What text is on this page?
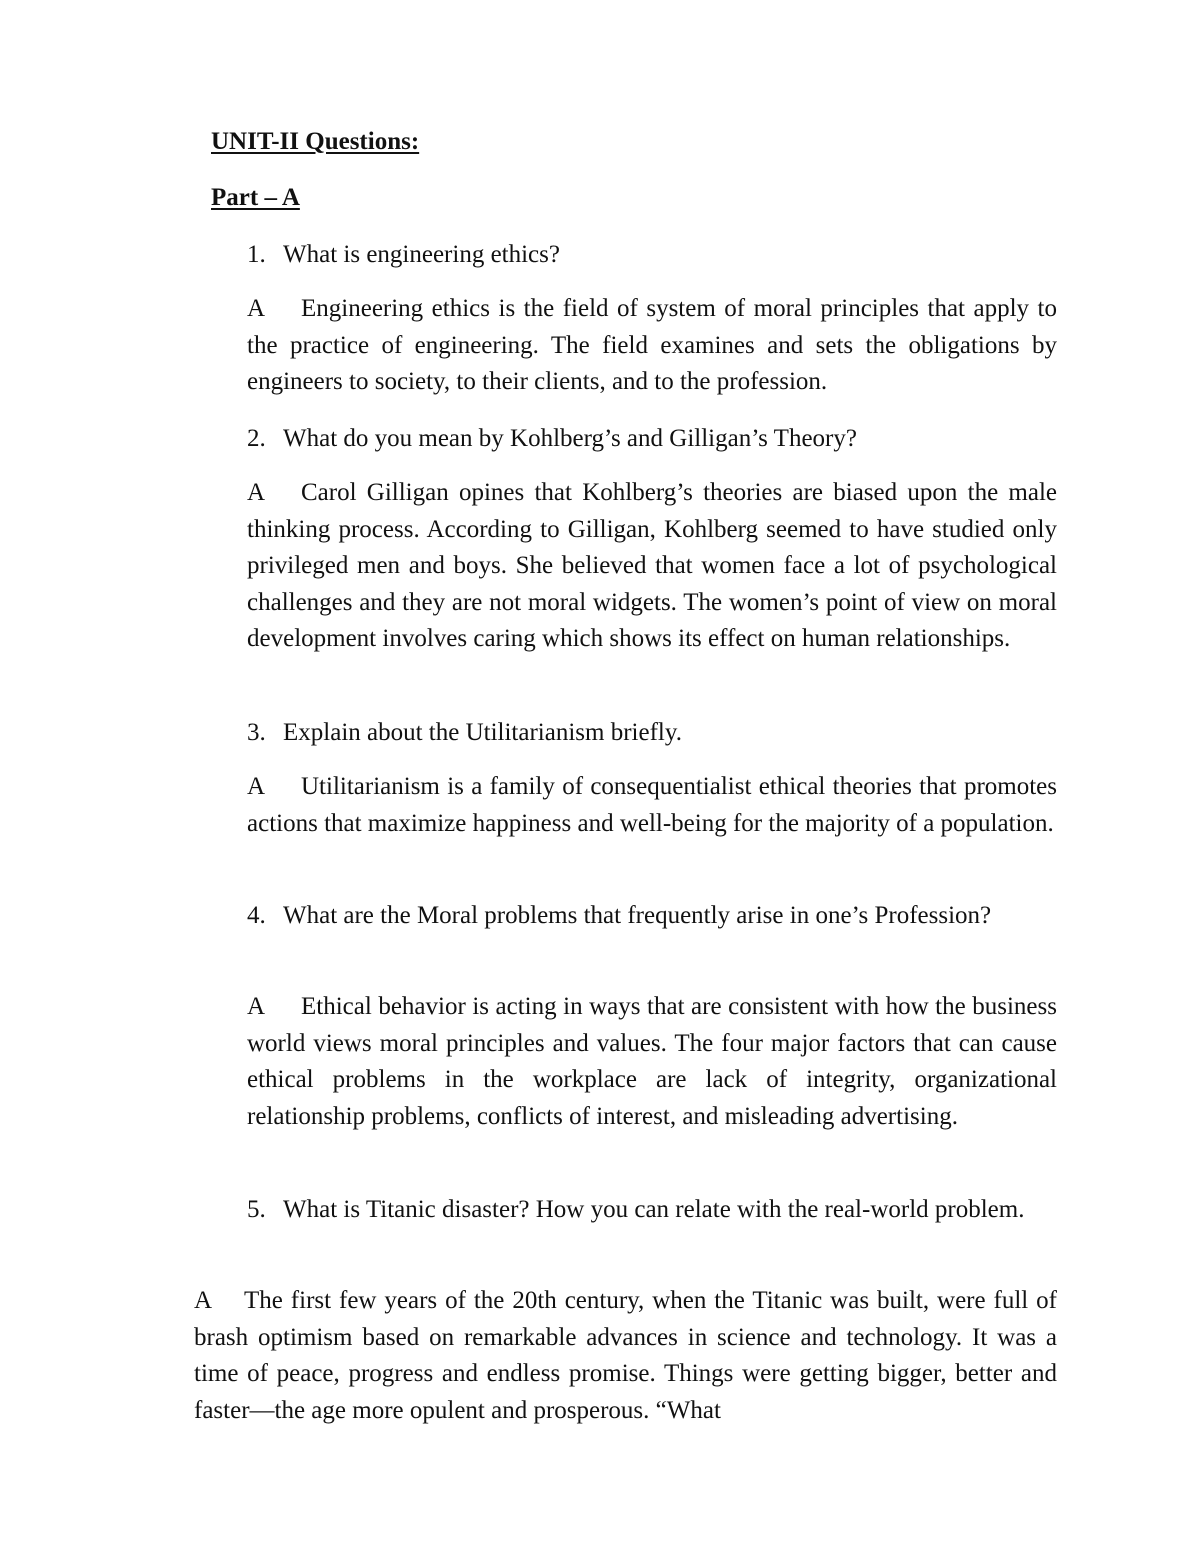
UNIT-II Questions:
Part – A
1. What is engineering ethics?
A Engineering ethics is the field of system of moral principles that apply to the practice of engineering. The field examines and sets the obligations by engineers to society, to their clients, and to the profession.
2. What do you mean by Kohlberg’s and Gilligan’s Theory?
A Carol Gilligan opines that Kohlberg’s theories are biased upon the male thinking process. According to Gilligan, Kohlberg seemed to have studied only privileged men and boys. She believed that women face a lot of psychological challenges and they are not moral widgets. The women’s point of view on moral development involves caring which shows its effect on human relationships.
3. Explain about the Utilitarianism briefly.
A Utilitarianism is a family of consequentialist ethical theories that promotes actions that maximize happiness and well-being for the majority of a population.
4. What are the Moral problems that frequently arise in one’s Profession?
A Ethical behavior is acting in ways that are consistent with how the business world views moral principles and values. The four major factors that can cause ethical problems in the workplace are lack of integrity, organizational relationship problems, conflicts of interest, and misleading advertising.
5. What is Titanic disaster? How you can relate with the real-world problem.
A The first few years of the 20th century, when the Titanic was built, were full of brash optimism based on remarkable advances in science and technology. It was a time of peace, progress and endless promise. Things were getting bigger, better and faster—the age more opulent and prosperous. “What
